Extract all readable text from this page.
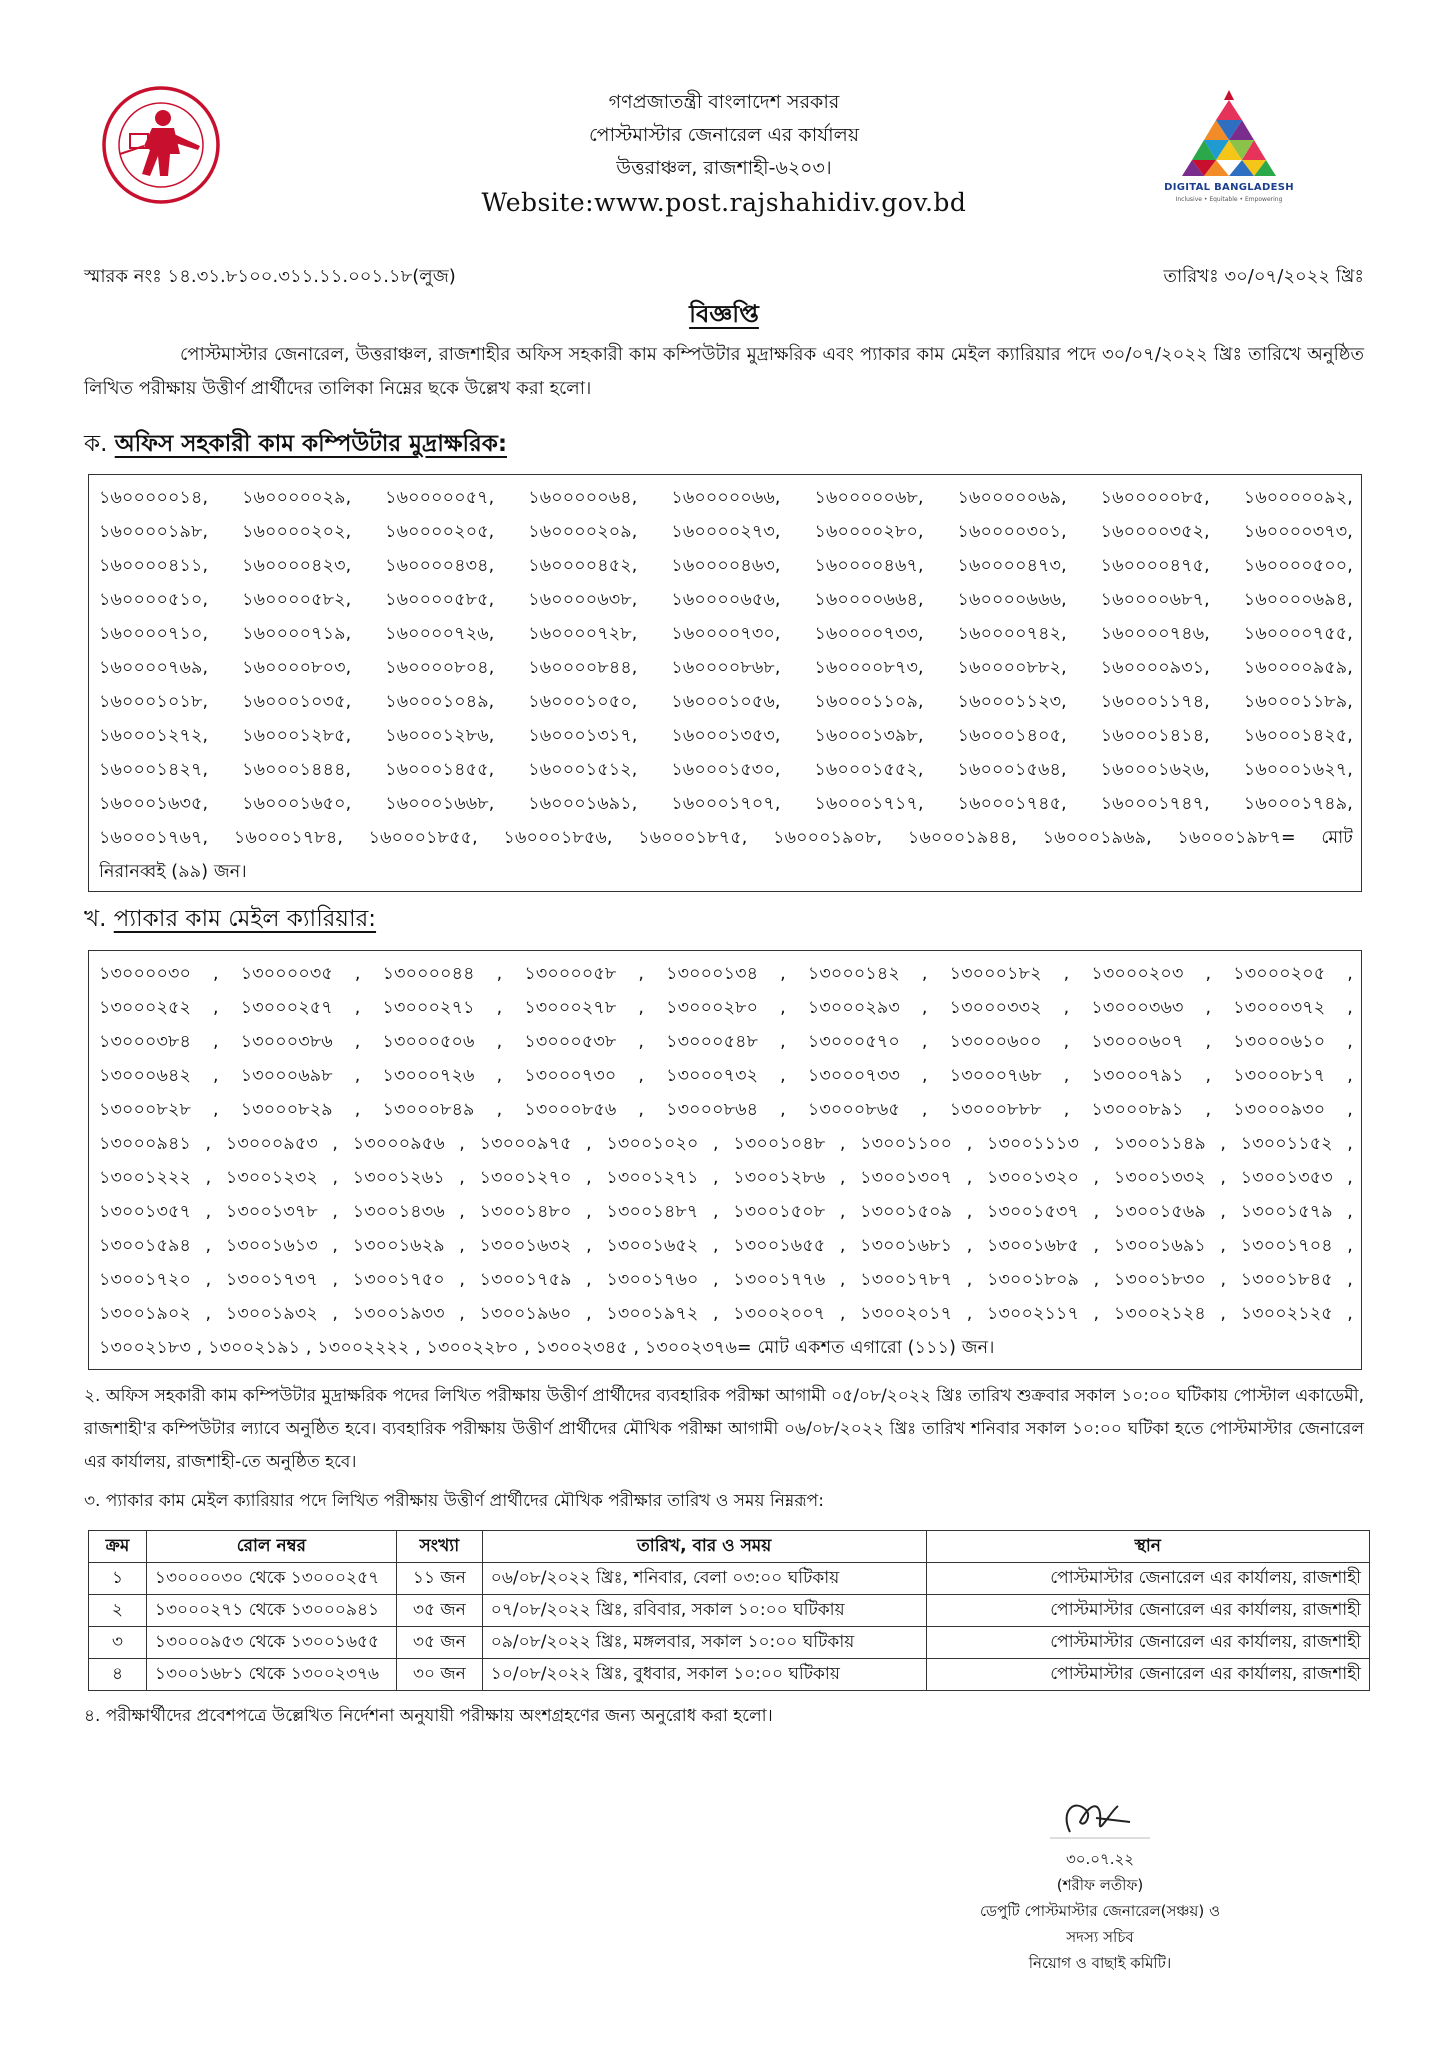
গণপ্রজাতন্ত্রী বাংলাদেশ সরকার
পোস্টমাস্টার জেনারেল এর কার্যালয়
উত্তরাঞ্চল, রাজশাহী-৬২০৩।
Website:www.post.rajshahidiv.gov.bd
DIGITAL BANGLADESH
Inclusive • Equitable • Empowering
স্মারক নংঃ ১৪.৩১.৮১০০.৩১১.১১.০০১.১৮(লুজ)	তারিখঃ ৩০/০৭/২০২২ খ্রিঃ
বিজ্ঞপ্তি
পোস্টমাস্টার জেনারেল, উত্তরাঞ্চল, রাজশাহীর অফিস সহকারী কাম কম্পিউটার মুদ্রাক্ষরিক এবং প্যাকার কাম মেইল ক্যারিয়ার পদে ৩০/০৭/২০২২ খ্রিঃ তারিখে অনুষ্ঠিত লিখিত পরীক্ষায় উত্তীর্ণ প্রার্থীদের তালিকা নিম্নের ছকে উল্লেখ করা হলো।
ক. অফিস সহকারী কাম কম্পিউটার মুদ্রাক্ষরিক:
১৬০০০০০১৪, ১৬০০০০০২৯, ১৬০০০০০৫৭, ১৬০০০০০৬৪, ১৬০০০০০৬৬, ১৬০০০০০৬৮, ১৬০০০০০৬৯, ১৬০০০০০৮৫, ১৬০০০০০৯২,
১৬০০০০১৯৮, ১৬০০০০২০২, ১৬০০০০২০৫, ১৬০০০০২০৯, ১৬০০০০২৭৩, ১৬০০০০২৮০, ১৬০০০০৩০১, ১৬০০০০৩৫২, ১৬০০০০৩৭৩,
১৬০০০০৪১১, ১৬০০০০৪২৩, ১৬০০০০৪৩৪, ১৬০০০০৪৫২, ১৬০০০০৪৬৩, ১৬০০০০৪৬৭, ১৬০০০০৪৭৩, ১৬০০০০৪৭৫, ১৬০০০০৫০০,
১৬০০০০৫১০, ১৬০০০০৫৮২, ১৬০০০০৫৮৫, ১৬০০০০৬৩৮, ১৬০০০০৬৫৬, ১৬০০০০৬৬৪, ১৬০০০০৬৬৬, ১৬০০০০৬৮৭, ১৬০০০০৬৯৪,
১৬০০০০৭১০, ১৬০০০০৭১৯, ১৬০০০০৭২৬, ১৬০০০০৭২৮, ১৬০০০০৭৩০, ১৬০০০০৭৩৩, ১৬০০০০৭৪২, ১৬০০০০৭৪৬, ১৬০০০০৭৫৫,
১৬০০০০৭৬৯, ১৬০০০০৮০৩, ১৬০০০০৮০৪, ১৬০০০০৮৪৪, ১৬০০০০৮৬৮, ১৬০০০০৮৭৩, ১৬০০০০৮৮২, ১৬০০০০৯৩১, ১৬০০০০৯৫৯,
১৬০০০১০১৮, ১৬০০০১০৩৫, ১৬০০০১০৪৯, ১৬০০০১০৫০, ১৬০০০১০৫৬, ১৬০০০১১০৯, ১৬০০০১১২৩, ১৬০০০১১৭৪, ১৬০০০১১৮৯,
১৬০০০১২৭২, ১৬০০০১২৮৫, ১৬০০০১২৮৬, ১৬০০০১৩১৭, ১৬০০০১৩৫৩, ১৬০০০১৩৯৮, ১৬০০০১৪০৫, ১৬০০০১৪১৪, ১৬০০০১৪২৫,
১৬০০০১৪২৭, ১৬০০০১৪৪৪, ১৬০০০১৪৫৫, ১৬০০০১৫১২, ১৬০০০১৫৩০, ১৬০০০১৫৫২, ১৬০০০১৫৬৪, ১৬০০০১৬২৬, ১৬০০০১৬২৭,
১৬০০০১৬৩৫, ১৬০০০১৬৫০, ১৬০০০১৬৬৮, ১৬০০০১৬৯১, ১৬০০০১৭০৭, ১৬০০০১৭১৭, ১৬০০০১৭৪৫, ১৬০০০১৭৪৭, ১৬০০০১৭৪৯,
১৬০০০১৭৬৭, ১৬০০০১৭৮৪, ১৬০০০১৮৫৫, ১৬০০০১৮৫৬, ১৬০০০১৮৭৫, ১৬০০০১৯০৮, ১৬০০০১৯৪৪, ১৬০০০১৯৬৯, ১৬০০০১৯৮৭= মোট
নিরানব্বই (৯৯) জন।
খ. প্যাকার কাম মেইল ক্যারিয়ার:
১৩০০০০৩০ , ১৩০০০০৩৫ , ১৩০০০০৪৪ , ১৩০০০০৫৮ , ১৩০০০১৩৪ , ১৩০০০১৪২ , ১৩০০০১৮২ , ১৩০০০২০৩ , ১৩০০০২০৫ ,
১৩০০০২৫২ , ১৩০০০২৫৭ , ১৩০০০২৭১ , ১৩০০০২৭৮ , ১৩০০০২৮০ , ১৩০০০২৯৩ , ১৩০০০৩৩২ , ১৩০০০৩৬৩ , ১৩০০০৩৭২ ,
১৩০০০৩৮৪ , ১৩০০০৩৮৬ , ১৩০০০৫০৬ , ১৩০০০৫৩৮ , ১৩০০০৫৪৮ , ১৩০০০৫৭০ , ১৩০০০৬০০ , ১৩০০০৬০৭ , ১৩০০০৬১০ ,
১৩০০০৬৪২ , ১৩০০০৬৯৮ , ১৩০০০৭২৬ , ১৩০০০৭৩০ , ১৩০০০৭৩২ , ১৩০০০৭৩৩ , ১৩০০০৭৬৮ , ১৩০০০৭৯১ , ১৩০০০৮১৭ ,
১৩০০০৮২৮ , ১৩০০০৮২৯ , ১৩০০০৮৪৯ , ১৩০০০৮৫৬ , ১৩০০০৮৬৪ , ১৩০০০৮৬৫ , ১৩০০০৮৮৮ , ১৩০০০৮৯১ , ১৩০০০৯৩০ ,
১৩০০০৯৪১ , ১৩০০০৯৫৩ , ১৩০০০৯৫৬ , ১৩০০০৯৭৫ , ১৩০০১০২০ , ১৩০০১০৪৮ , ১৩০০১১০০ , ১৩০০১১১৩ , ১৩০০১১৪৯ , ১৩০০১১৫২ ,
১৩০০১২২২ , ১৩০০১২৩২ , ১৩০০১২৬১ , ১৩০০১২৭০ , ১৩০০১২৭১ , ১৩০০১২৮৬ , ১৩০০১৩০৭ , ১৩০০১৩২০ , ১৩০০১৩৩২ , ১৩০০১৩৫৩ ,
১৩০০১৩৫৭ , ১৩০০১৩৭৮ , ১৩০০১৪৩৬ , ১৩০০১৪৮০ , ১৩০০১৪৮৭ , ১৩০০১৫০৮ , ১৩০০১৫০৯ , ১৩০০১৫৩৭ , ১৩০০১৫৬৯ , ১৩০০১৫৭৯ ,
১৩০০১৫৯৪ , ১৩০০১৬১৩ , ১৩০০১৬২৯ , ১৩০০১৬৩২ , ১৩০০১৬৫২ , ১৩০০১৬৫৫ , ১৩০০১৬৮১ , ১৩০০১৬৮৫ , ১৩০০১৬৯১ , ১৩০০১৭০৪ ,
১৩০০১৭২০ , ১৩০০১৭৩৭ , ১৩০০১৭৫০ , ১৩০০১৭৫৯ , ১৩০০১৭৬০ , ১৩০০১৭৭৬ , ১৩০০১৭৮৭ , ১৩০০১৮০৯ , ১৩০০১৮৩০ , ১৩০০১৮৪৫ ,
১৩০০১৯০২ , ১৩০০১৯৩২ , ১৩০০১৯৩৩ , ১৩০০১৯৬০ , ১৩০০১৯৭২ , ১৩০০২০০৭ , ১৩০০২০১৭ , ১৩০০২১১৭ , ১৩০০২১২৪ , ১৩০০২১২৫ ,
১৩০০২১৮৩ , ১৩০০২১৯১ , ১৩০০২২২২ , ১৩০০২২৮০ , ১৩০০২৩৪৫ , ১৩০০২৩৭৬= মোট একশত এগারো (১১১) জন।
২. অফিস সহকারী কাম কম্পিউটার মুদ্রাক্ষরিক পদের লিখিত পরীক্ষায় উত্তীর্ণ প্রার্থীদের ব্যবহারিক পরীক্ষা আগামী ০৫/০৮/২০২২ খ্রিঃ তারিখ শুক্রবার সকাল ১০:০০ ঘটিকায় পোস্টাল একাডেমী, রাজশাহী'র কম্পিউটার ল্যাবে অনুষ্ঠিত হবে। ব্যবহারিক পরীক্ষায় উত্তীর্ণ প্রার্থীদের মৌখিক পরীক্ষা আগামী ০৬/০৮/২০২২ খ্রিঃ তারিখ শনিবার সকাল ১০:০০ ঘটিকা হতে পোস্টমাস্টার জেনারেল এর কার্যালয়, রাজশাহী-তে অনুষ্ঠিত হবে।
৩. প্যাকার কাম মেইল ক্যারিয়ার পদে লিখিত পরীক্ষায় উত্তীর্ণ প্রার্থীদের মৌখিক পরীক্ষার তারিখ ও সময় নিম্নরূপ:
ক্রম	রোল নম্বর	সংখ্যা	তারিখ, বার ও সময়	স্থান
১	১৩০০০০৩০ থেকে ১৩০০০২৫৭	১১ জন	০৬/০৮/২০২২ খ্রিঃ, শনিবার, বেলা ০৩:০০ ঘটিকায়	পোস্টমাস্টার জেনারেল এর কার্যালয়, রাজশাহী
২	১৩০০০২৭১ থেকে ১৩০০০৯৪১	৩৫ জন	০৭/০৮/২০২২ খ্রিঃ, রবিবার, সকাল ১০:০০ ঘটিকায়	পোস্টমাস্টার জেনারেল এর কার্যালয়, রাজশাহী
৩	১৩০০০৯৫৩ থেকে ১৩০০১৬৫৫	৩৫ জন	০৯/০৮/২০২২ খ্রিঃ, মঙ্গলবার, সকাল ১০:০০ ঘটিকায়	পোস্টমাস্টার জেনারেল এর কার্যালয়, রাজশাহী
৪	১৩০০১৬৮১ থেকে ১৩০০২৩৭৬	৩০ জন	১০/০৮/২০২২ খ্রিঃ, বুধবার, সকাল ১০:০০ ঘটিকায়	পোস্টমাস্টার জেনারেল এর কার্যালয়, রাজশাহী
৪. পরীক্ষার্থীদের প্রবেশপত্রে উল্লেখিত নির্দেশনা অনুযায়ী পরীক্ষায় অংশগ্রহণের জন্য অনুরোধ করা হলো।
৩০.০৭.২২
(শরীফ লতীফ)
ডেপুটি পোস্টমাস্টার জেনারেল(সঞ্চয়) ও
সদস্য সচিব
নিয়োগ ও বাছাই কমিটি।
